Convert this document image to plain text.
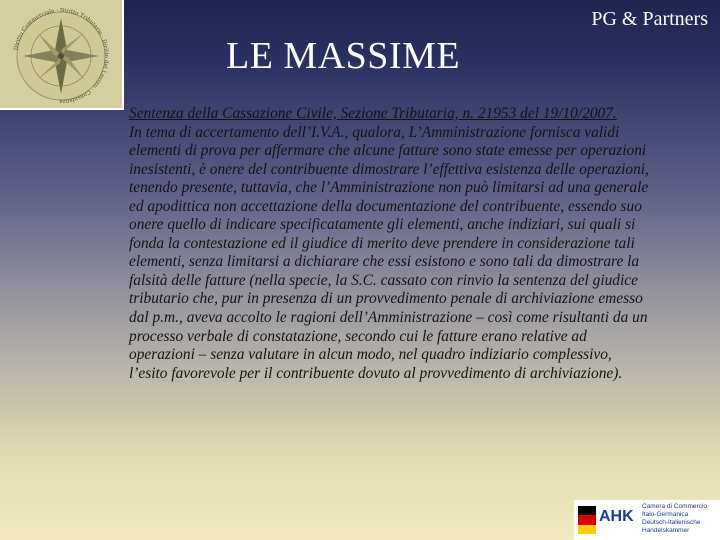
Diritto Commerciale · Diritto Tributario · Diritto del Lavoro · Consulenza
PG & Partners
LE MASSIME

Sentenza della Cassazione Civile, Sezione Tributaria, n. 21953 del 19/10/2007.
In tema di accertamento dell’I.V.A., qualora, L’Amministrazione fornisca validi elementi di prova per affermare che alcune fatture sono state emesse per operazioni inesistenti, è onere del contribuente dimostrare l’effettiva esistenza delle operazioni, tenendo presente, tuttavia, che l’Amministrazione non può limitarsi ad una generale ed apodittica non accettazione della documentazione del contribuente, essendo suo onere quello di indicare specificatamente gli elementi, anche indiziari, sui quali si fonda la contestazione ed il giudice di merito deve prendere in considerazione tali elementi, senza limitarsi a dichiarare che essi esistono e sono tali da dimostrare la falsità delle fatture (nella specie, la S.C. cassato con rinvio la sentenza del giudice tributario che, pur in presenza di un provvedimento penale di archiviazione emesso dal p.m., aveva accolto le ragioni dell’Amministrazione – così come risultanti da un processo verbale di constatazione, secondo cui le fatture erano relative ad operazioni – senza valutare in alcun modo, nel quadro indiziario complessivo, l’esito favorevole per il contribuente dovuto al provvedimento di archiviazione).

AHK
Camera di Commercio
Italo-Germanica
Deutsch-Italienische
Handelskammer
